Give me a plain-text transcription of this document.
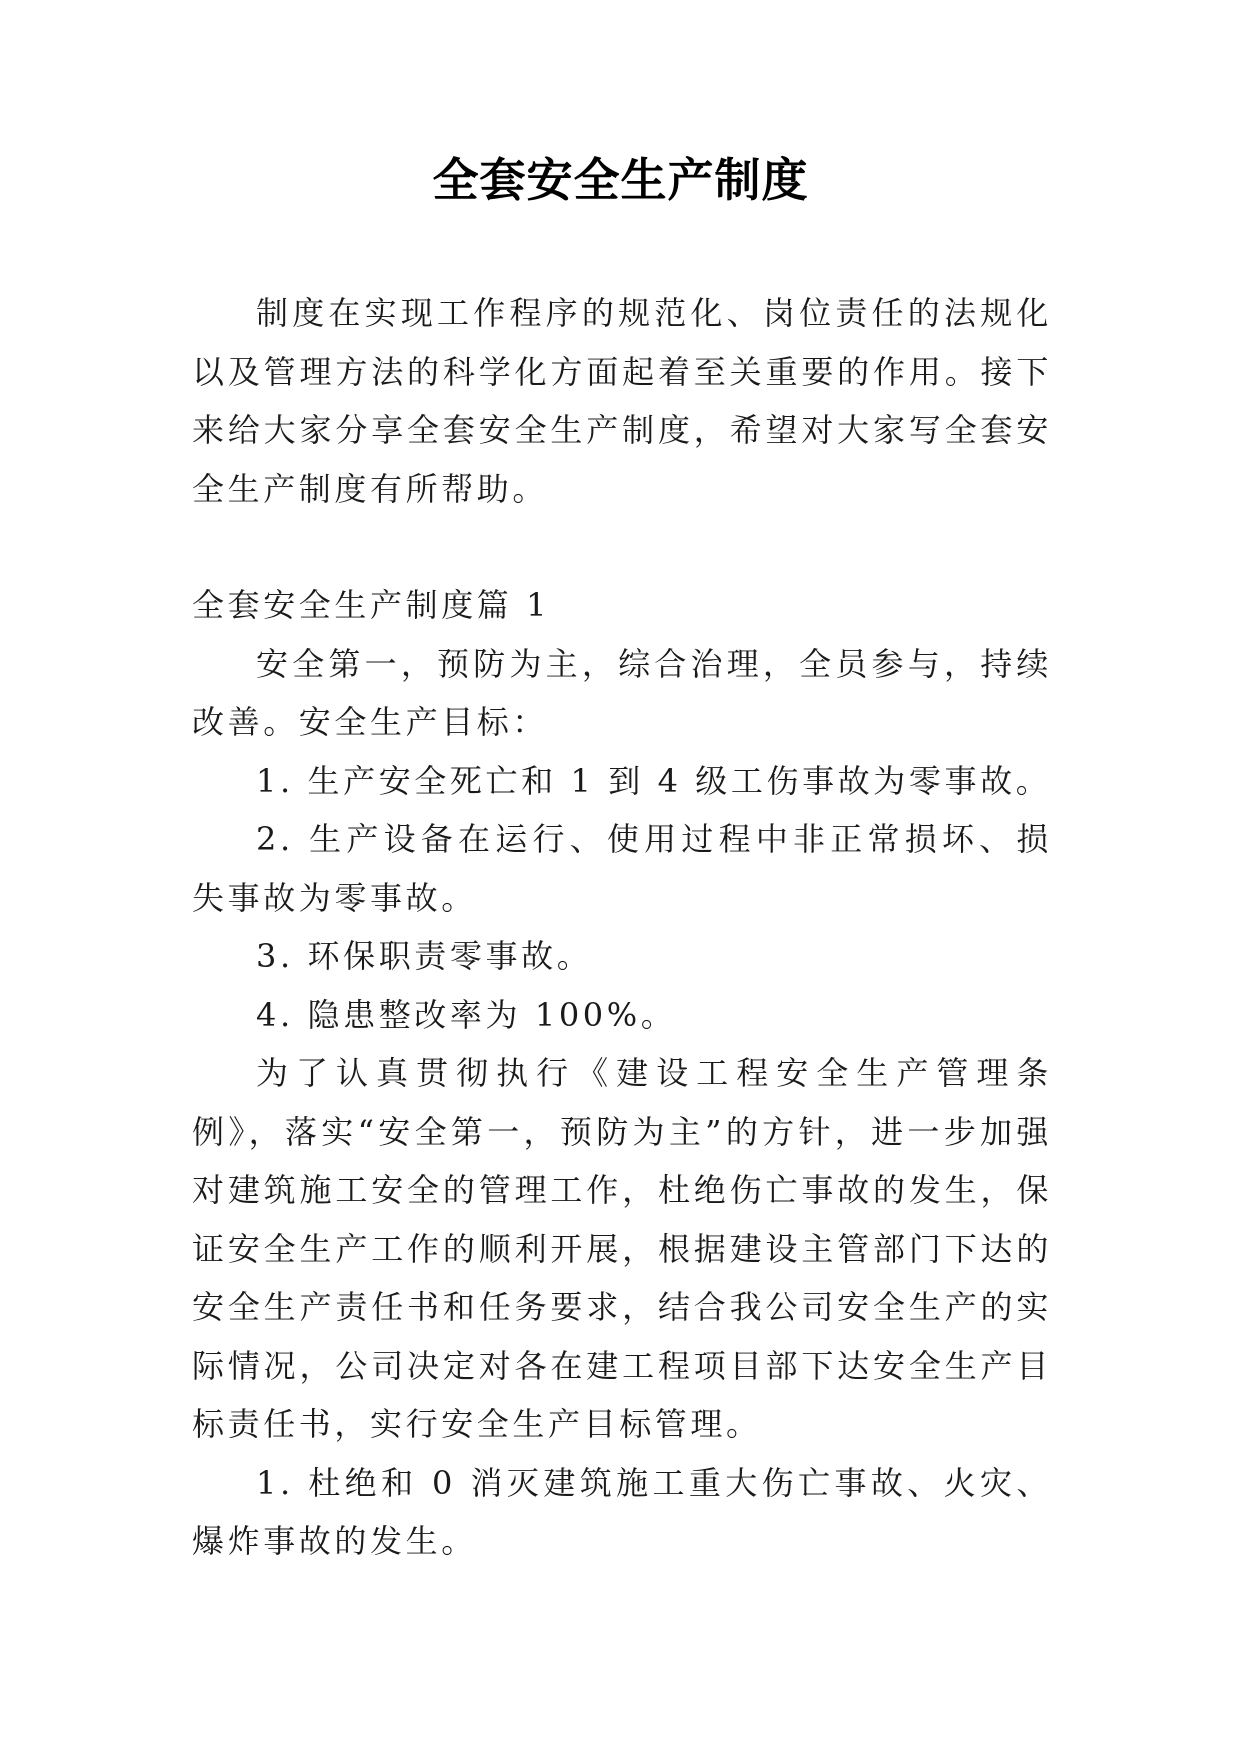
全套安全生产制度

制度在实现工作程序的规范化、岗位责任的法规化以及管理方法的科学化方面起着至关重要的作用。接下来给大家分享全套安全生产制度，希望对大家写全套安全生产制度有所帮助。

全套安全生产制度篇 1

安全第一，预防为主，综合治理，全员参与，持续改善。安全生产目标：

1. 生产安全死亡和 1 到 4 级工伤事故为零事故。

2. 生产设备在运行、使用过程中非正常损坏、损失事故为零事故。

3. 环保职责零事故。

4. 隐患整改率为 100%。

为了认真贯彻执行《建设工程安全生产管理条例》，落实“安全第一，预防为主”的方针，进一步加强对建筑施工安全的管理工作，杜绝伤亡事故的发生，保证安全生产工作的顺利开展，根据建设主管部门下达的安全生产责任书和任务要求，结合我公司安全生产的实际情况，公司决定对各在建工程项目部下达安全生产目标责任书，实行安全生产目标管理。

1. 杜绝和 0 消灭建筑施工重大伤亡事故、火灾、爆炸事故的发生。
